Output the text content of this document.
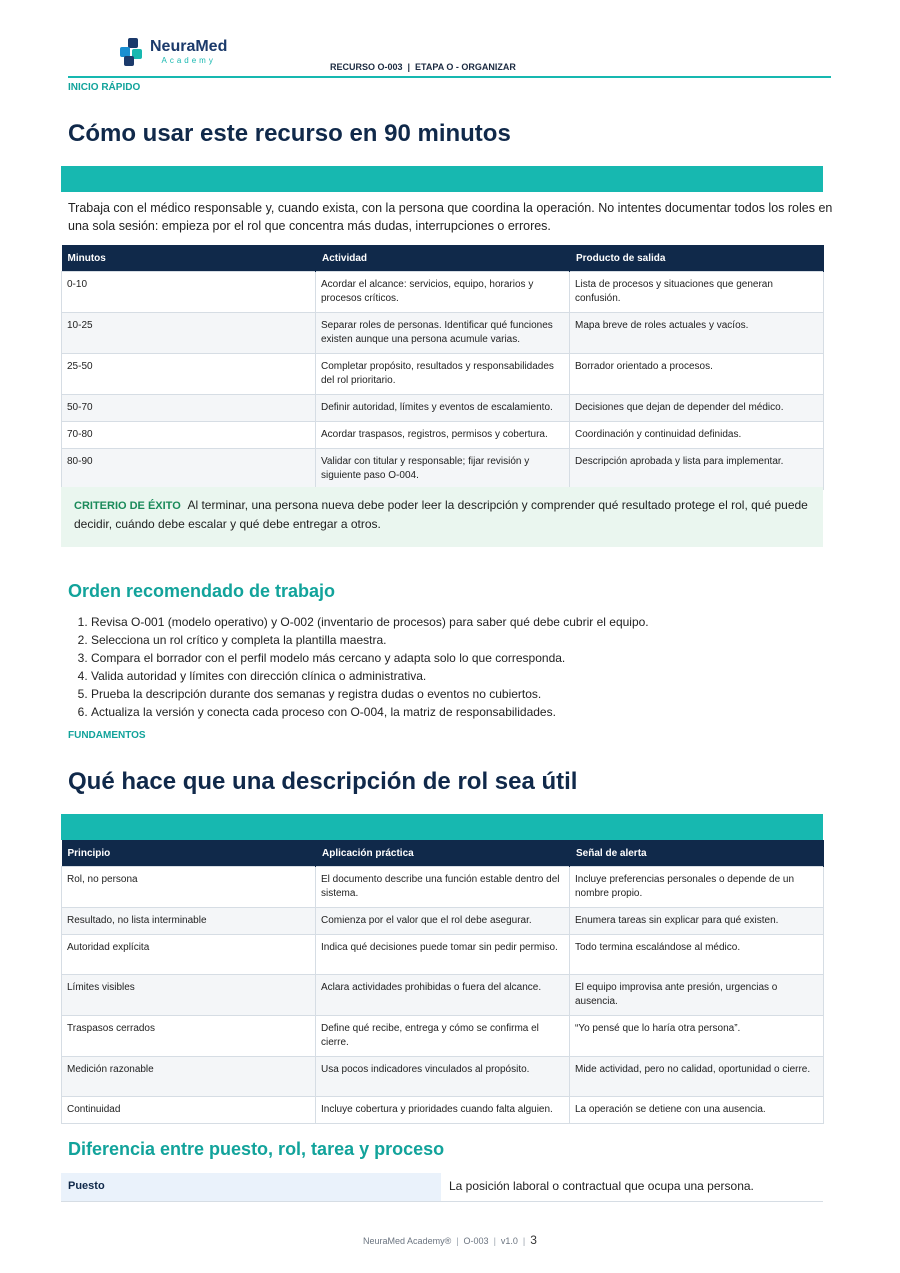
NeuraMed
Academy
RECURSO O-003  |  ETAPA O - ORGANIZAR
INICIO RÁPIDO
Cómo usar este recurso en 90 minutos
Trabaja con el médico responsable y, cuando exista, con la persona que coordina la operación. No intentes documentar todos los roles en una sola sesión: empieza por el rol que concentra más dudas, interrupciones o errores.
Minutos	Actividad	Producto de salida
0-10	Acordar el alcance: servicios, equipo, horarios y procesos críticos.	Lista de procesos y situaciones que generan confusión.
10-25	Separar roles de personas. Identificar qué funciones existen aunque una persona acumule varias.	Mapa breve de roles actuales y vacíos.
25-50	Completar propósito, resultados y responsabilidades del rol prioritario.	Borrador orientado a procesos.
50-70	Definir autoridad, límites y eventos de escalamiento.	Decisiones que dejan de depender del médico.
70-80	Acordar traspasos, registros, permisos y cobertura.	Coordinación y continuidad definidas.
80-90	Validar con titular y responsable; fijar revisión y siguiente paso O-004.	Descripción aprobada y lista para implementar.
CRITERIO DE ÉXITO Al terminar, una persona nueva debe poder leer la descripción y comprender qué resultado protege el rol, qué puede decidir, cuándo debe escalar y qué debe entregar a otros.
Orden recomendado de trabajo
1. Revisa O-001 (modelo operativo) y O-002 (inventario de procesos) para saber qué debe cubrir el equipo.
2. Selecciona un rol crítico y completa la plantilla maestra.
3. Compara el borrador con el perfil modelo más cercano y adapta solo lo que corresponda.
4. Valida autoridad y límites con dirección clínica o administrativa.
5. Prueba la descripción durante dos semanas y registra dudas o eventos no cubiertos.
6. Actualiza la versión y conecta cada proceso con O-004, la matriz de responsabilidades.
FUNDAMENTOS
Qué hace que una descripción de rol sea útil
Principio	Aplicación práctica	Señal de alerta
Rol, no persona	El documento describe una función estable dentro del sistema.	Incluye preferencias personales o depende de un nombre propio.
Resultado, no lista interminable	Comienza por el valor que el rol debe asegurar.	Enumera tareas sin explicar para qué existen.
Autoridad explícita	Indica qué decisiones puede tomar sin pedir permiso.	Todo termina escalándose al médico.
Límites visibles	Aclara actividades prohibidas o fuera del alcance.	El equipo improvisa ante presión, urgencias o ausencia.
Traspasos cerrados	Define qué recibe, entrega y cómo se confirma el cierre.	“Yo pensé que lo haría otra persona”.
Medición razonable	Usa pocos indicadores vinculados al propósito.	Mide actividad, pero no calidad, oportunidad o cierre.
Continuidad	Incluye cobertura y prioridades cuando falta alguien.	La operación se detiene con una ausencia.
Diferencia entre puesto, rol, tarea y proceso
Puesto	La posición laboral o contractual que ocupa una persona.
NeuraMed Academy® | O-003 | v1.0 | 3
